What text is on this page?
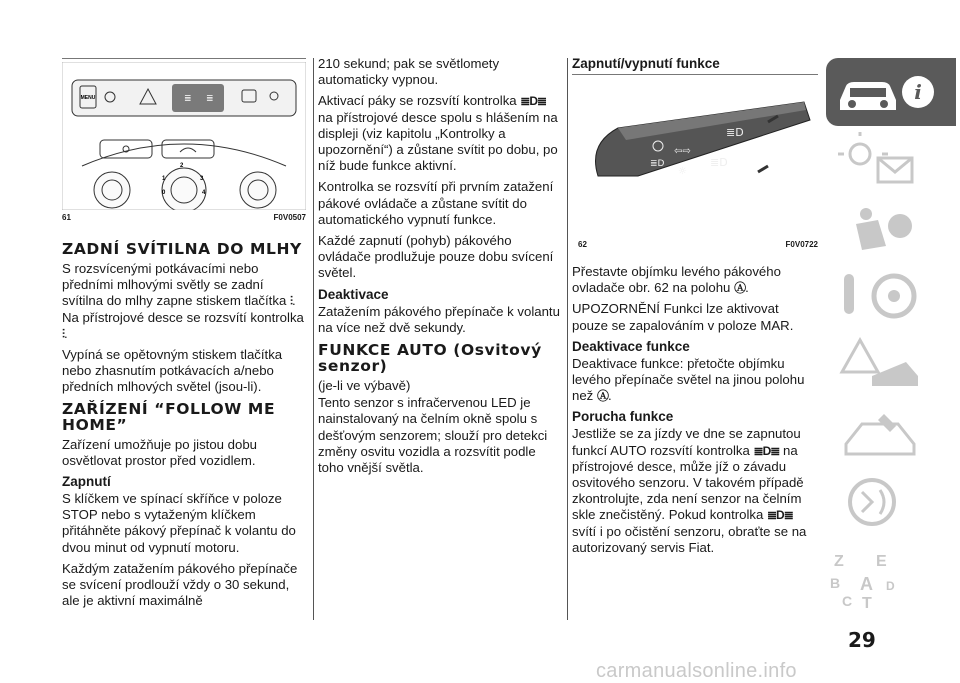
MENU	≣ ≣
1
2
3
4
0
61	F0V0507
ZADNÍ SVÍTILNA DO MLHY

S rozsvícenými potkávacími nebo předními mlhovými světly se zadní svítilna do mlhy zapne stiskem tlačítka ⫶. Na přístrojové desce se rozsvítí kontrolka ⫶.

Vypíná se opětovným stiskem tlačítka nebo zhasnutím potkávacích a/nebo předních mlhových světel (jsou-li).

ZAŘÍZENÍ “FOLLOW ME HOME”

Zařízení umožňuje po jistou dobu osvětlovat prostor před vozidlem.

Zapnutí

S klíčkem ve spínací skříňce v poloze STOP nebo s vytaženým klíčkem přitáhněte pákový přepínač k volantu do dvou minut od vypnutí motoru.

Každým zatažením pákového přepínače se svícení prodlouží vždy o 30 sekund, ale je aktivní maximálně

210 sekund; pak se světlomety automaticky vypnou.

Aktivací páky se rozsvítí kontrolka ≣D≣ na přístrojové desce spolu s hlášením na displeji (viz kapitolu „Kontrolky a upozornění“) a zůstane svítit po dobu, po níž bude funkce aktivní.

Kontrolka se rozsvítí při prvním zatažení pákové ovládače a zůstane svítit do automatického vypnutí funkce.

Každé zapnutí (pohyb) pákového ovládače prodlužuje pouze dobu svícení světel.

Deaktivace

Zatažením pákového přepínače k volantu na více než dvě sekundy.

FUNKCE AUTO (Osvitový senzor)

(je-li ve výbavě)

Tento senzor s infračervenou LED je nainstalovaný na čelním okně spolu s dešťovým senzorem; slouží pro detekci změny osvitu vozidla a rozsvítit podle toho vnější světla.

Zapnutí/vypnutí funkce
⇦⇨
≣D
≣D
☼
≣D
62	F0V0722

Přestavte objímku levého pákového ovladače obr. 62 na polohu Ⓐ.

UPOZORNĚNÍ Funkci lze aktivovat pouze se zapalováním v poloze MAR.

Deaktivace funkce

Deaktivace funkce: přetočte objímku levého přepínače světel na jinou polohu než Ⓐ.

Porucha funkce

Jestliže se za jízdy ve dne se zapnutou funkcí AUTO rozsvítí kontrolka ≣D≣ na přístrojové desce, může jíž o závadu osvitového senzoru. V takovém případě zkontrolujte, zda není senzor na čelním skle znečistěný. Pokud kontrolka ≣D≣ svítí i po očistění senzoru, obraťte se na autorizovaný servis Fiat.

i
Z E
B A D
C T
29
carmanualsonline.info
